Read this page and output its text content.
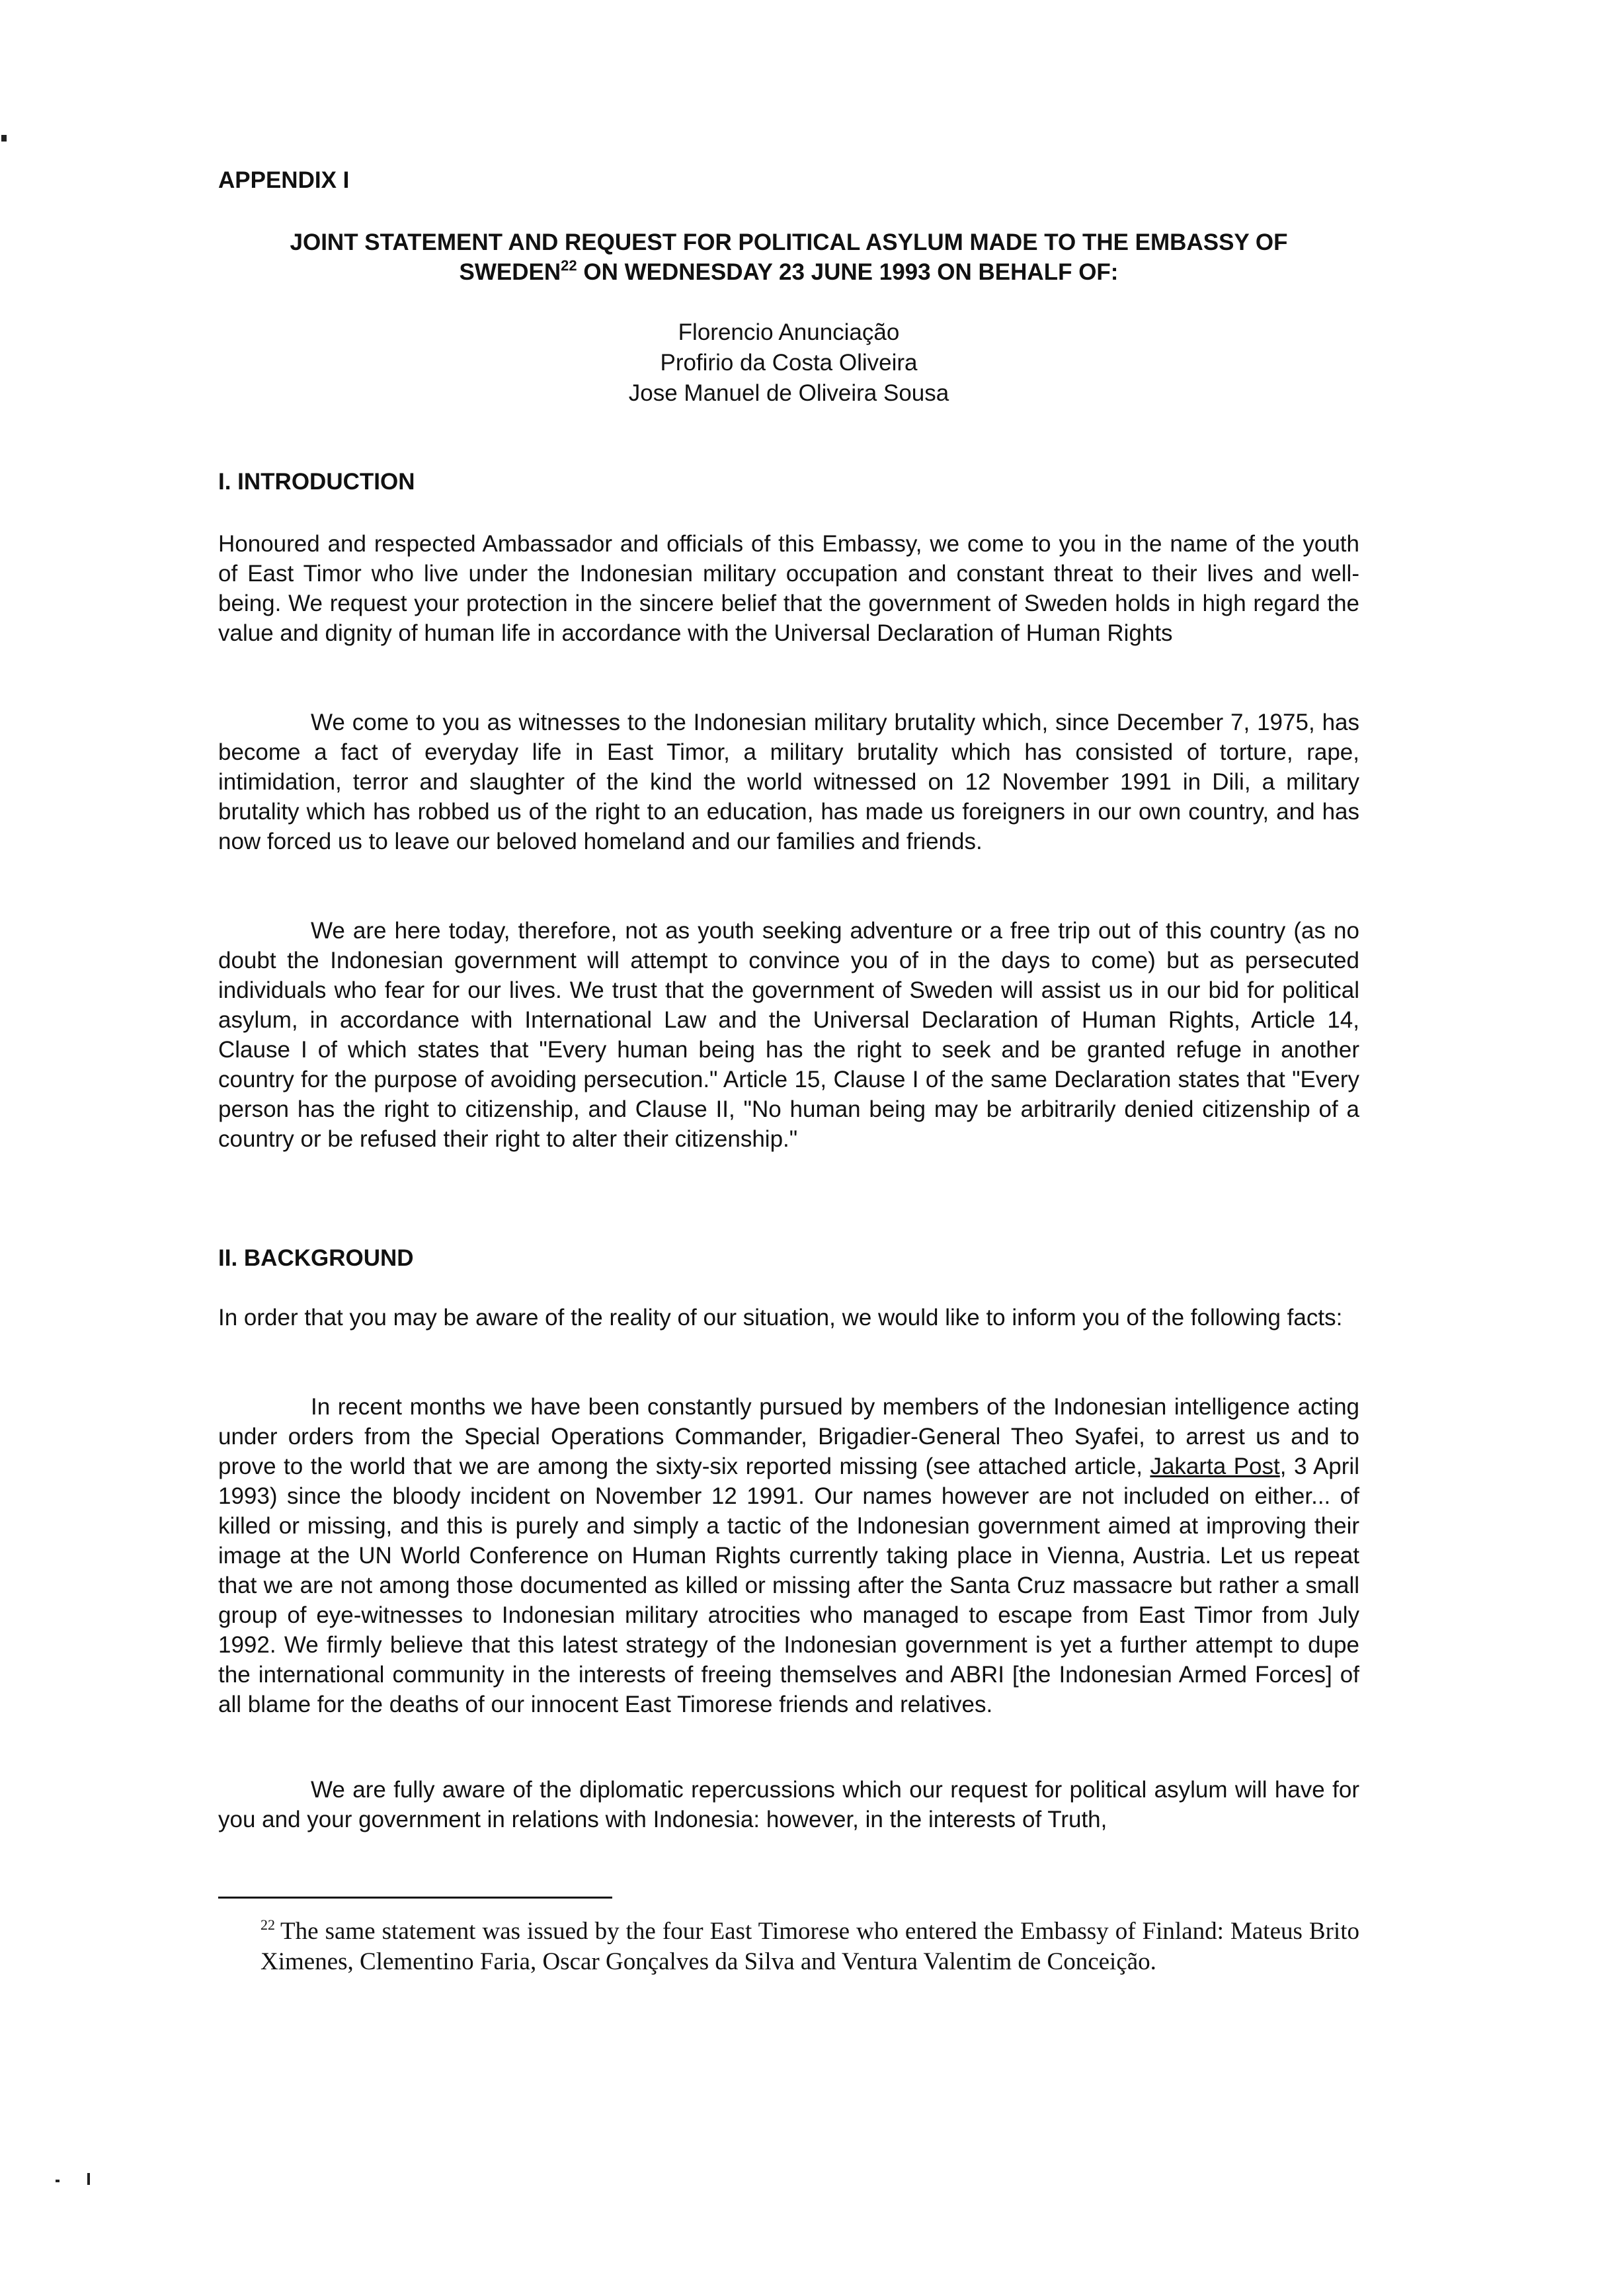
APPENDIX I
JOINT STATEMENT AND REQUEST FOR POLITICAL ASYLUM MADE TO THE EMBASSY OF
SWEDEN$^{22}$ ON WEDNESDAY 23 JUNE 1993 ON BEHALF OF:
Florencio Anunciação
Profirio da Costa Oliveira
Jose Manuel de Oliveira Sousa
I. INTRODUCTION

Honoured and respected Ambassador and officials of this Embassy, we come to you in the name of the youth of East Timor who live under the Indonesian military occupation and constant threat to their lives and well-being. We request your protection in the sincere belief that the government of Sweden holds in high regard the value and dignity of human life in accordance with the Universal Declaration of Human Rights

We come to you as witnesses to the Indonesian military brutality which, since December 7, 1975, has become a fact of everyday life in East Timor, a military brutality which has consisted of torture, rape, intimidation, terror and slaughter of the kind the world witnessed on 12 November 1991 in Dili, a military brutality which has robbed us of the right to an education, has made us foreigners in our own country, and has now forced us to leave our beloved homeland and our families and friends.

We are here today, therefore, not as youth seeking adventure or a free trip out of this country (as no doubt the Indonesian government will attempt to convince you of in the days to come) but as persecuted individuals who fear for our lives. We trust that the government of Sweden will assist us in our bid for political asylum, in accordance with International Law and the Universal Declaration of Human Rights, Article 14, Clause I of which states that "Every human being has the right to seek and be granted refuge in another country for the purpose of avoiding persecution." Article 15, Clause I of the same Declaration states that "Every person has the right to citizenship, and Clause II, "No human being may be arbitrarily denied citizenship of a country or be refused their right to alter their citizenship."

II. BACKGROUND

In order that you may be aware of the reality of our situation, we would like to inform you of the following facts:

In recent months we have been constantly pursued by members of the Indonesian intelligence acting under orders from the Special Operations Commander, Brigadier-General Theo Syafei, to arrest us and to prove to the world that we are among the sixty-six reported missing (see attached article, Jakarta Post, 3 April 1993) since the bloody incident on November 12 1991. Our names however are not included on either... of killed or missing, and this is purely and simply a tactic of the Indonesian government aimed at improving their image at the UN World Conference on Human Rights currently taking place in Vienna, Austria. Let us repeat that we are not among those documented as killed or missing after the Santa Cruz massacre but rather a small group of eye-witnesses to Indonesian military atrocities who managed to escape from East Timor from July 1992. We firmly believe that this latest strategy of the Indonesian government is yet a further attempt to dupe the international community in the interests of freeing themselves and ABRI [the Indonesian Armed Forces] of all blame for the deaths of our innocent East Timorese friends and relatives.

We are fully aware of the diplomatic repercussions which our request for political asylum will have for you and your government in relations with Indonesia: however, in the interests of Truth,

$^{22}$ The same statement was issued by the four East Timorese who entered the Embassy of Finland: Mateus Brito Ximenes, Clementino Faria, Oscar Gonçalves da Silva and Ventura Valentim de Conceição.
